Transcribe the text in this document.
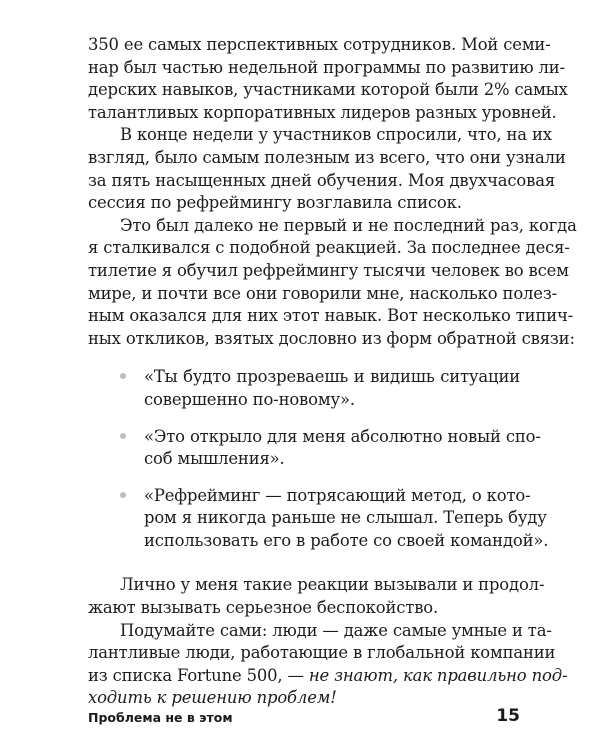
350 ее самых перспективных сотрудников. Мой семи-
нар был частью недельной программы по развитию ли-
дерских навыков, участниками которой были 2% самых
талантливых корпоративных лидеров разных уровней.
В конце недели у участников спросили, что, на их
взгляд, было самым полезным из всего, что они узнали
за пять насыщенных дней обучения. Моя двухчасовая
сессия по рефреймингу возглавила список.
Это был далеко не первый и не последний раз, когда
я сталкивался с подобной реакцией. За последнее деся-
тилетие я обучил рефреймингу тысячи человек во всем
мире, и почти все они говорили мне, насколько полез-
ным оказался для них этот навык. Вот несколько типич-
ных откликов, взятых дословно из форм обратной связи:
«Ты будто прозреваешь и видишь ситуации
совершенно по-новому».
«Это открыло для меня абсолютно новый спо-
соб мышления».
«Рефрейминг — потрясающий метод, о кото-
ром я никогда раньше не слышал. Теперь буду
использовать его в работе со своей командой».
Лично у меня такие реакции вызывали и продол-
жают вызывать серьезное беспокойство.
Подумайте сами: люди — даже самые умные и та-
лантливые люди, работающие в глобальной компании
из списка Fortune 500, — не знают, как правильно под-
ходить к решению проблем!
Проблема не в этом	15
